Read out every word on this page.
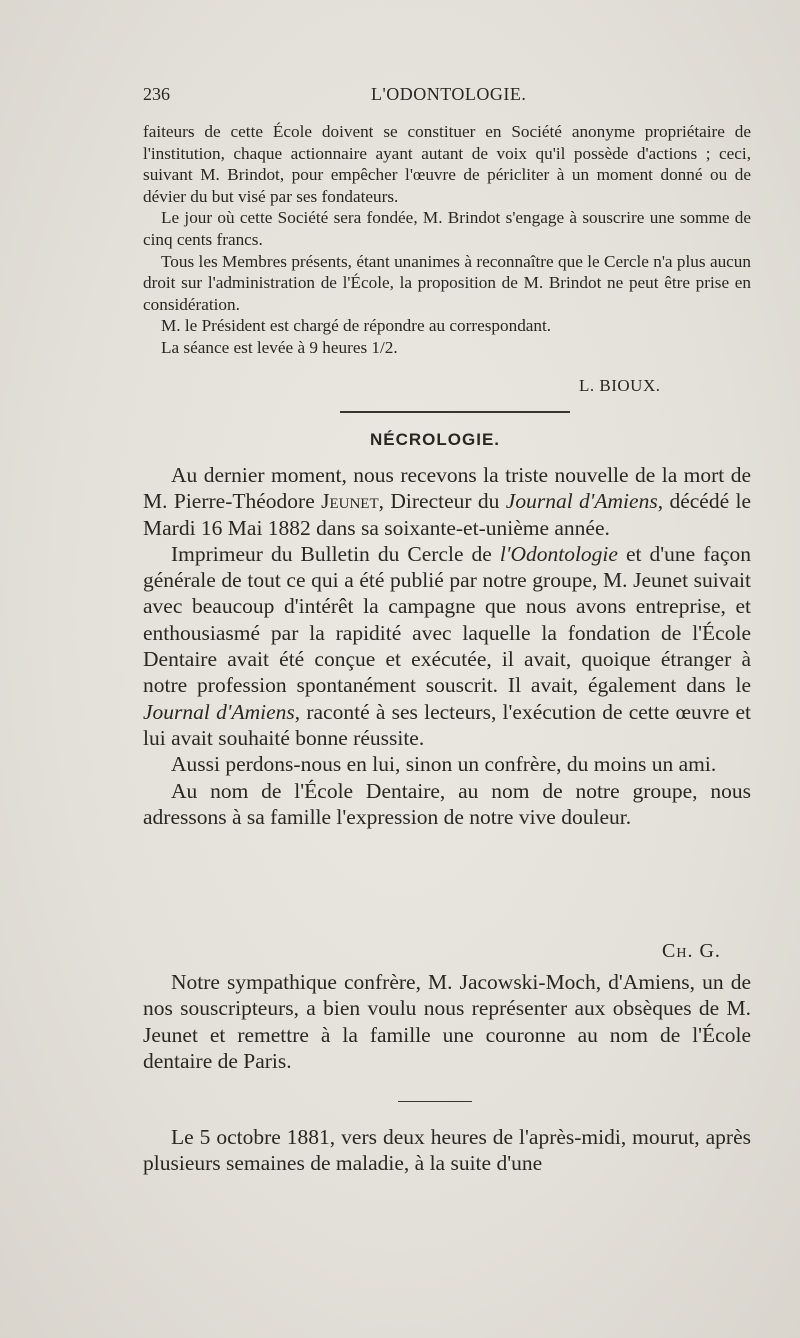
236	L'ODONTOLOGIE.

faiteurs de cette École doivent se constituer en Société anonyme propriétaire de l'institution, chaque actionnaire ayant autant de voix qu'il possède d'actions ; ceci, suivant M. Brindot, pour empêcher l'œuvre de péricliter à un moment donné ou de dévier du but visé par ses fondateurs.

Le jour où cette Société sera fondée, M. Brindot s'engage à souscrire une somme de cinq cents francs.

Tous les Membres présents, étant unanimes à reconnaître que le Cercle n'a plus aucun droit sur l'administration de l'École, la proposition de M. Brindot ne peut être prise en considération.

M. le Président est chargé de répondre au correspondant.

La séance est levée à 9 heures 1/2.

L. BIOUX.
NÉCROLOGIE.

Au dernier moment, nous recevons la triste nouvelle de la mort de M. Pierre-Théodore Jeunet, Directeur du Journal d'Amiens, décédé le Mardi 16 Mai 1882 dans sa soixante-et-unième année.

Imprimeur du Bulletin du Cercle de l'Odontologie et d'une façon générale de tout ce qui a été publié par notre groupe, M. Jeunet suivait avec beaucoup d'intérêt la campagne que nous avons entreprise, et enthousiasmé par la rapidité avec laquelle la fondation de l'École Dentaire avait été conçue et exécutée, il avait, quoique étranger à notre profession spontanément souscrit. Il avait, également dans le Journal d'Amiens, raconté à ses lecteurs, l'exécution de cette œuvre et lui avait souhaité bonne réussite.

Aussi perdons-nous en lui, sinon un confrère, du moins un ami.

Au nom de l'École Dentaire, au nom de notre groupe, nous adressons à sa famille l'expression de notre vive douleur.

Ch. G.

Notre sympathique confrère, M. Jacowski-Moch, d'Amiens, un de nos souscripteurs, a bien voulu nous représenter aux obsèques de M. Jeunet et remettre à la famille une couronne au nom de l'École dentaire de Paris.

Le 5 octobre 1881, vers deux heures de l'après-midi, mourut, après plusieurs semaines de maladie, à la suite d'une
